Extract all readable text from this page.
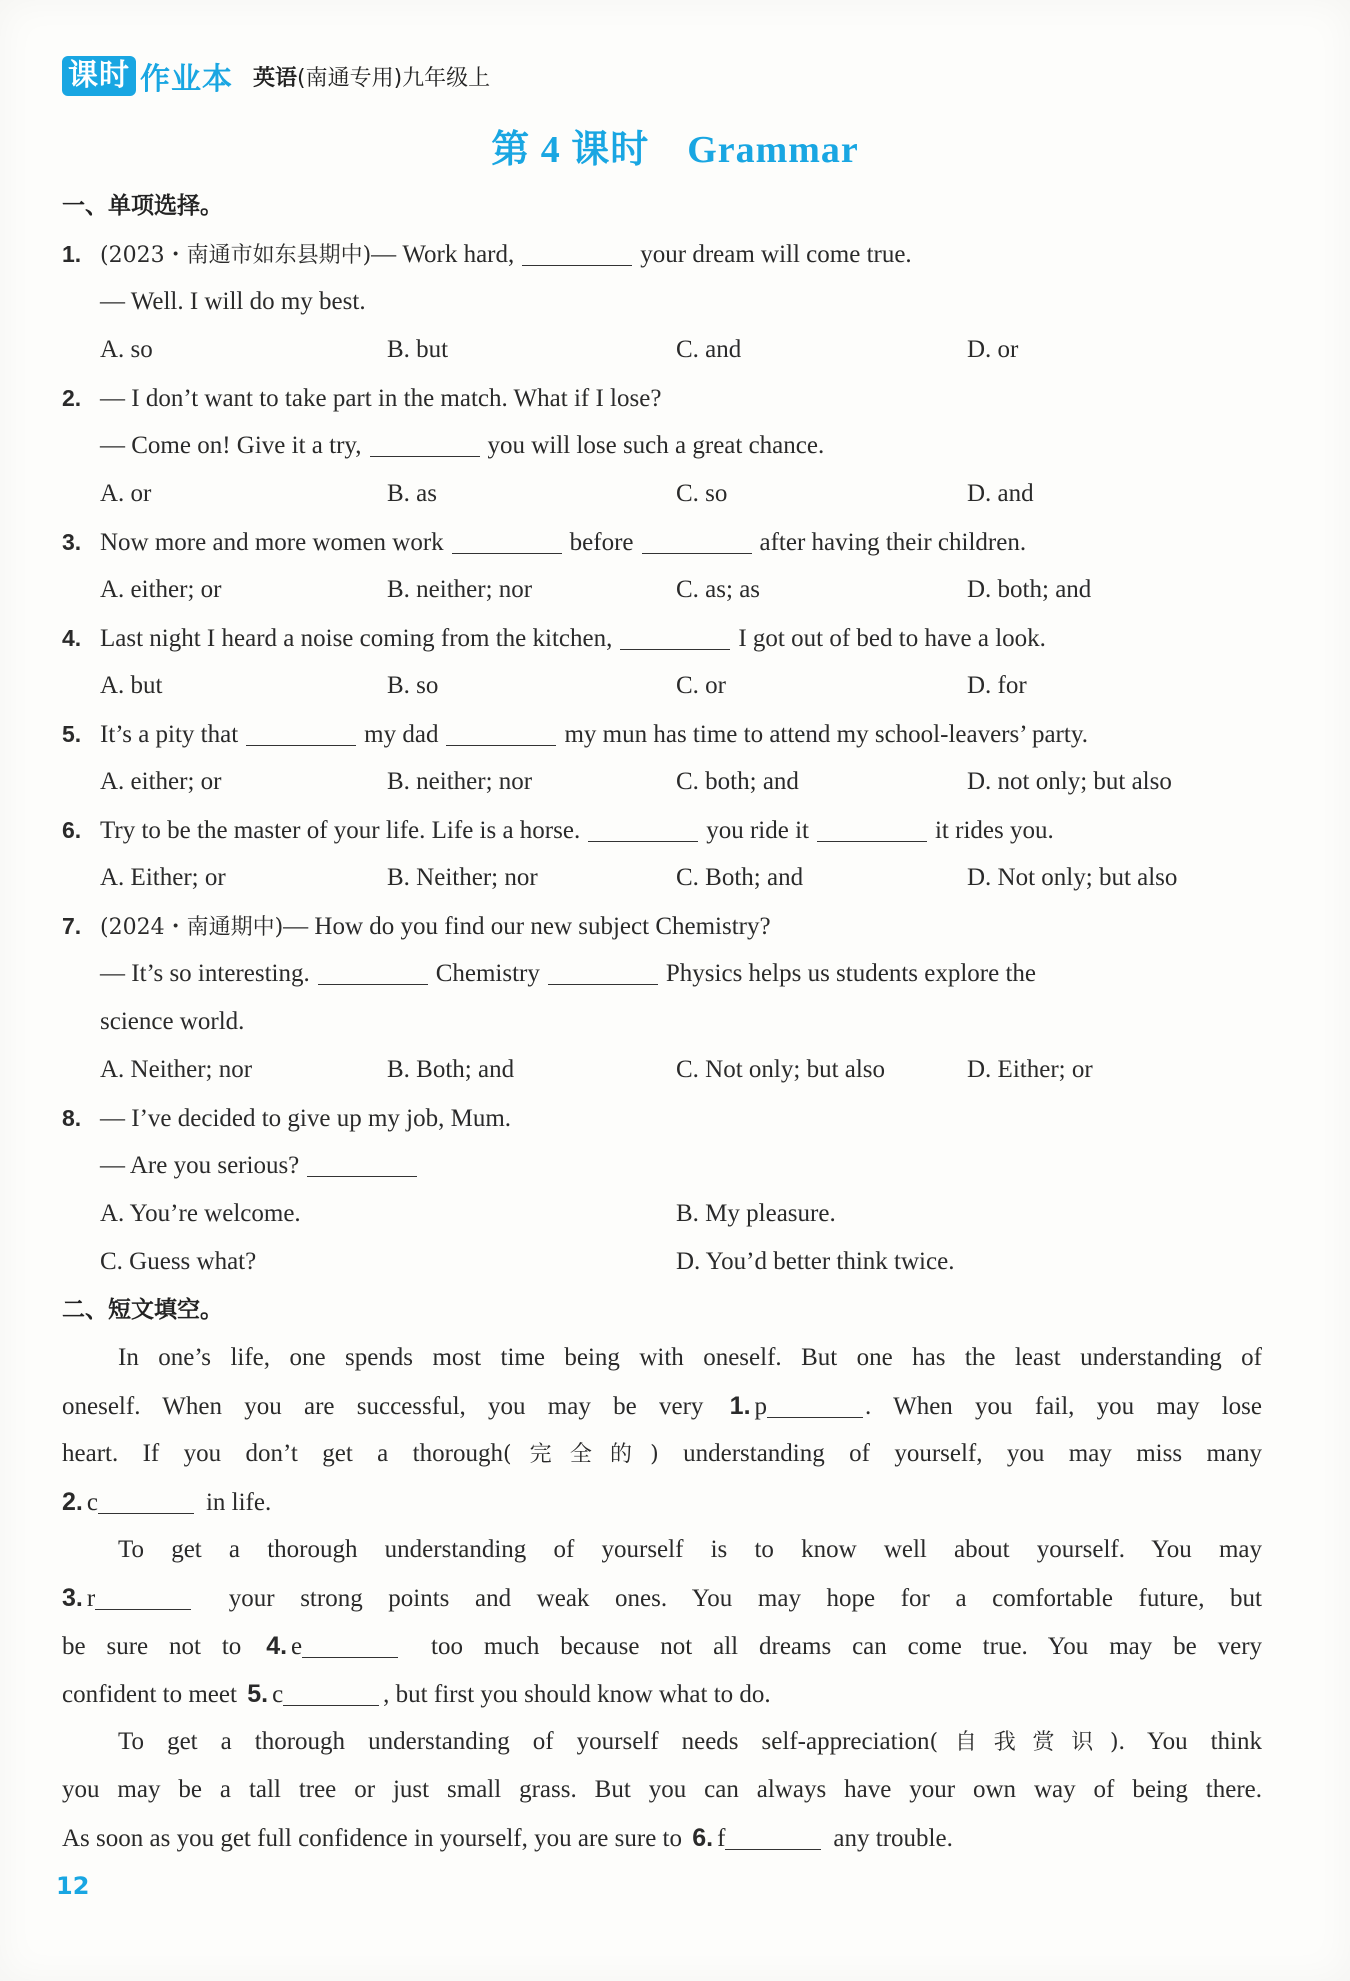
课时 作业本 英语(南通专用)九年级上
第 4 课时 Grammar
一、单项选择。
1. (2023・南通市如东县期中)— Work hard,	your dream will come true.
— Well. I will do my best.
A. so	B. but	C. and	D. or
2. — I don’t want to take part in the match. What if I lose?
— Come on! Give it a try,	you will lose such a great chance.
A. or	B. as	C. so	D. and
3. Now more and more women work	before	after having their children.
A. either; or	B. neither; nor	C. as; as	D. both; and
4. Last night I heard a noise coming from the kitchen,	I got out of bed to have a look.
A. but	B. so	C. or	D. for
5. It’s a pity that	my dad	my mun has time to attend my school-leavers’ party.
A. either; or	B. neither; nor	C. both; and	D. not only; but also
6. Try to be the master of your life. Life is a horse.	you ride it	it rides you.
A. Either; or	B. Neither; nor	C. Both; and	D. Not only; but also
7. (2024・南通期中)— How do you find our new subject Chemistry?
— It’s so interesting.	Chemistry	Physics helps us students explore the
science world.
A. Neither; nor	B. Both; and	C. Not only; but also	D. Either; or
8. — I’ve decided to give up my job, Mum.
— Are you serious?
A. You’re welcome.	B. My pleasure.
C. Guess what?	D. You’d better think twice.
二、短文填空。
In one’s life, one spends most time being with oneself. But one has the least understanding of
oneself. When you are successful, you may be very 1. p	. When you fail, you may lose
heart. If you don’t get a thorough(完全的) understanding of yourself, you may miss many
2. c	in life.
To get a thorough understanding of yourself is to know well about yourself. You may
3. r	your strong points and weak ones. You may hope for a comfortable future, but
be sure not to 4. e	too much because not all dreams can come true. You may be very
confident to meet 5. c	, but first you should know what to do.
To get a thorough understanding of yourself needs self-appreciation(自我赏识). You think
you may be a tall tree or just small grass. But you can always have your own way of being there.
As soon as you get full confidence in yourself, you are sure to 6. f	any trouble.
12
